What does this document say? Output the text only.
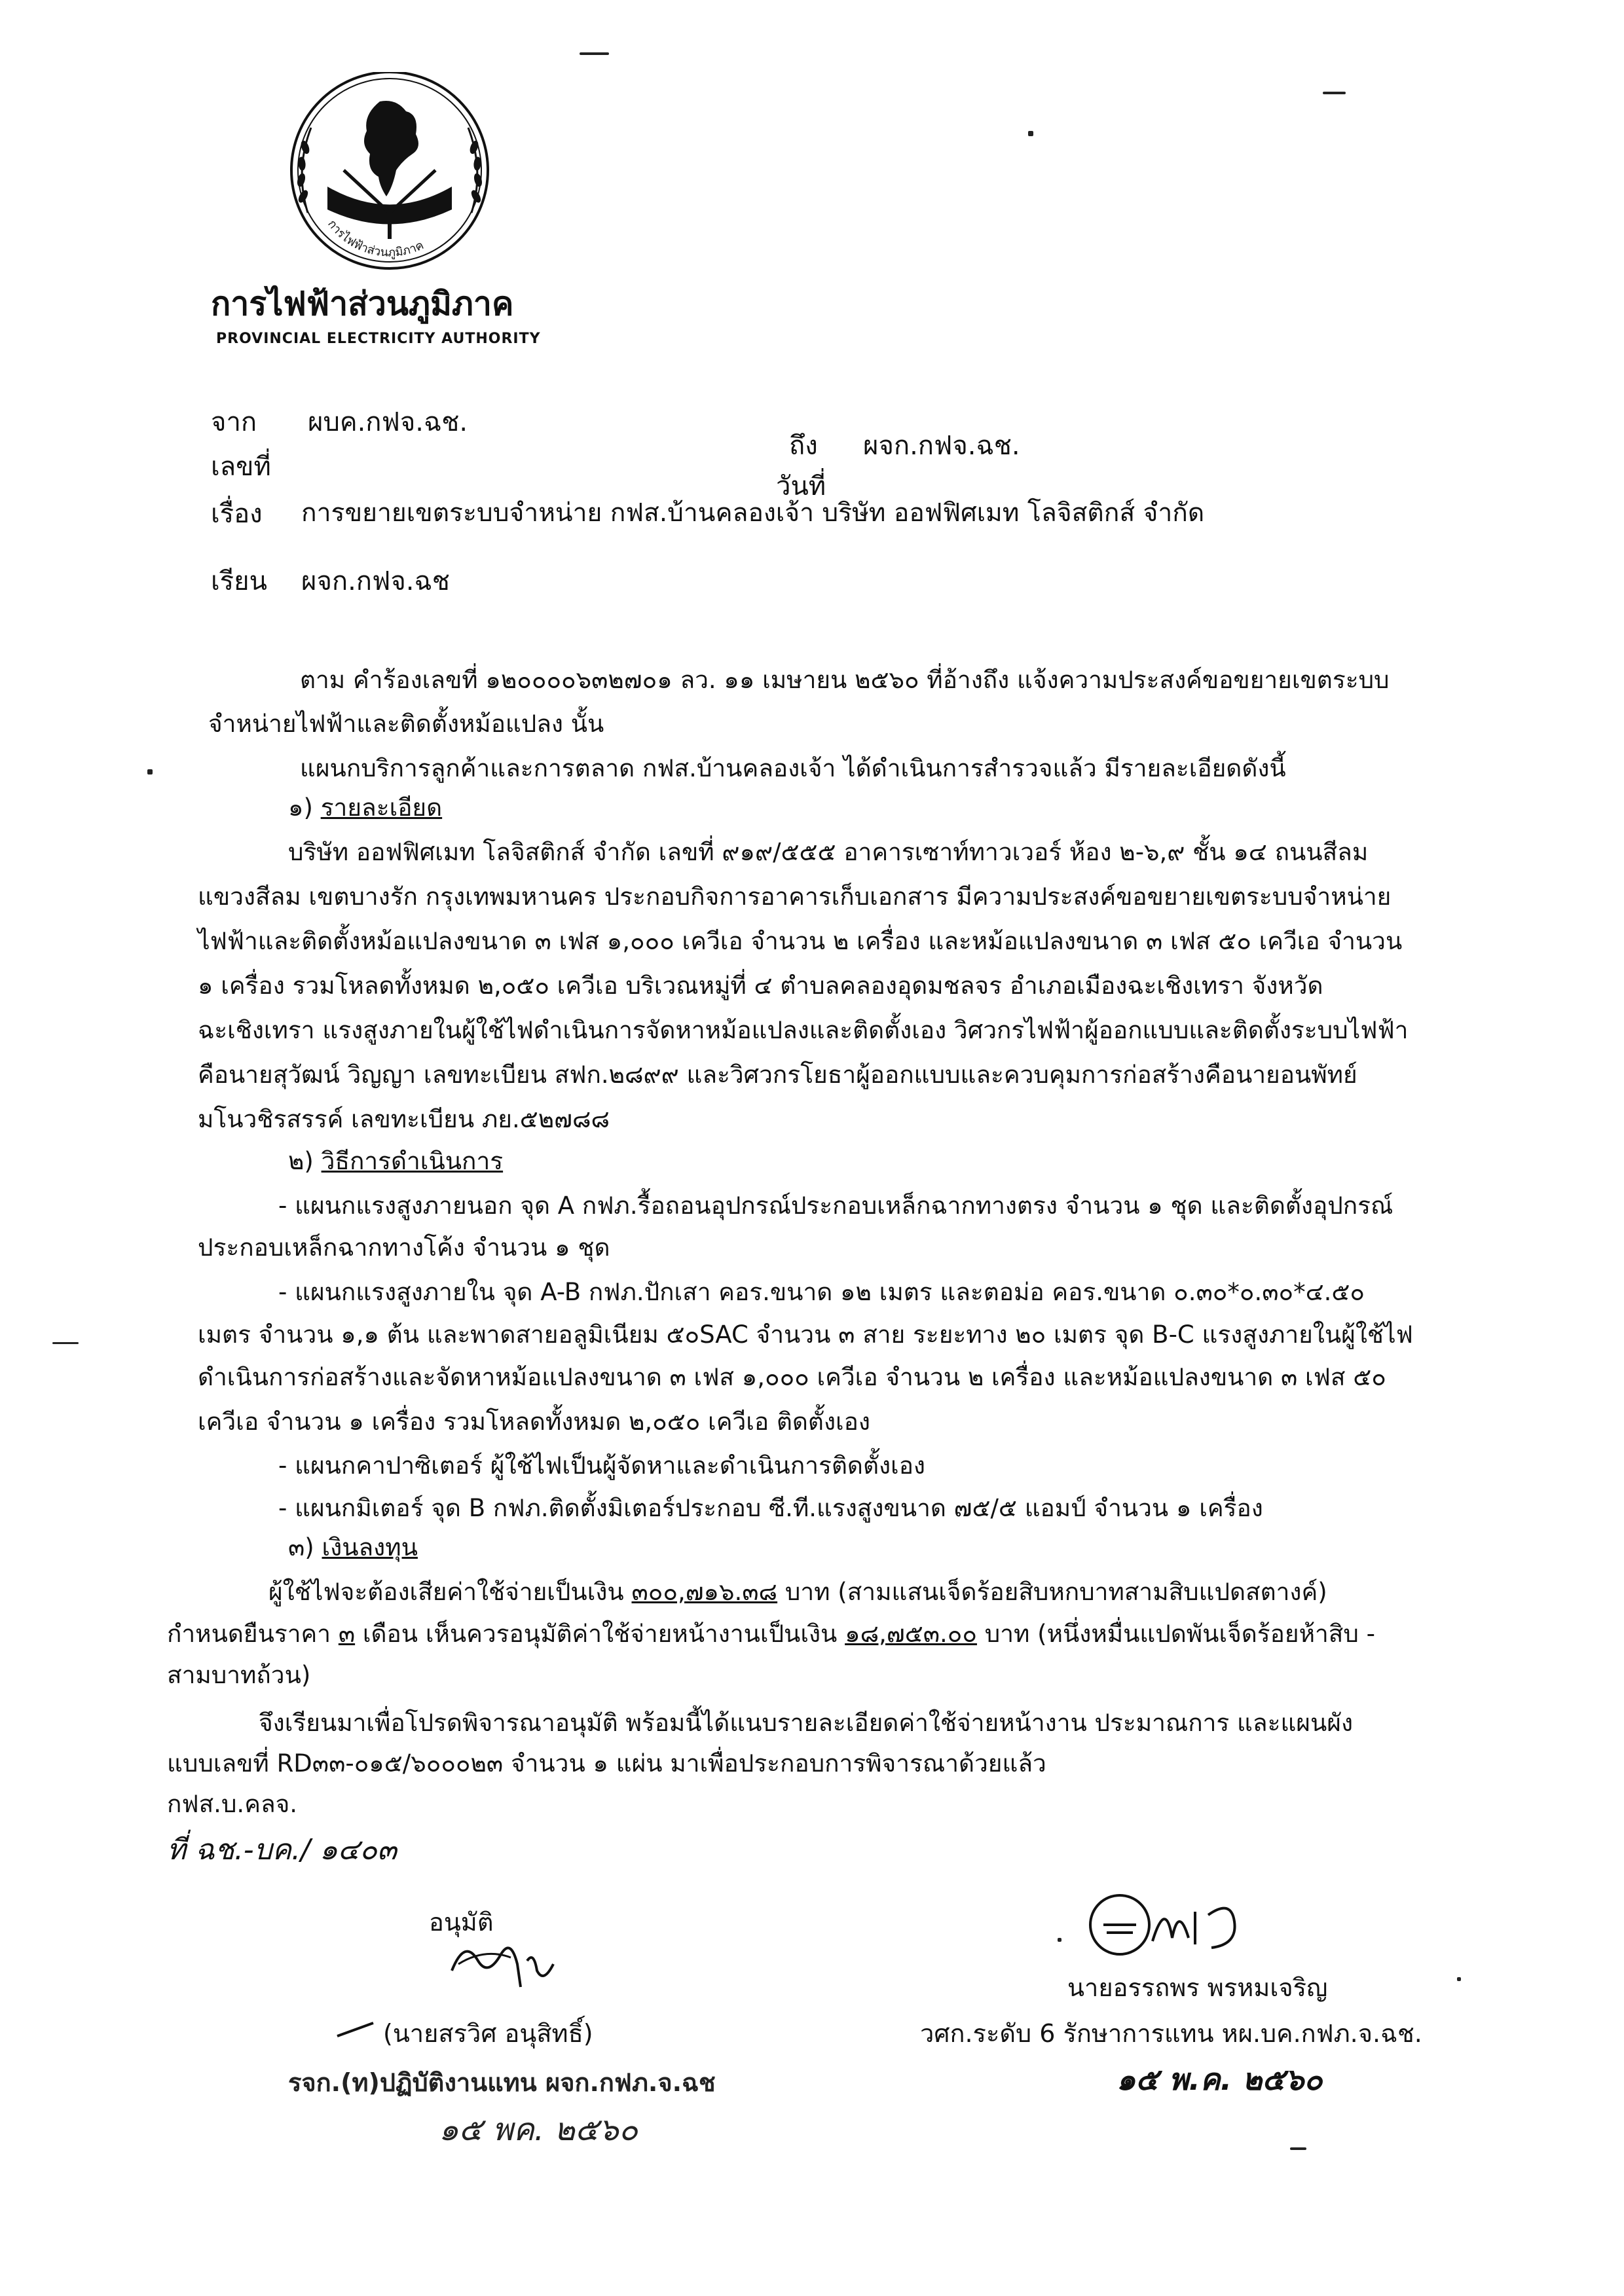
การไฟฟ้าส่วนภูมิภาค
การไฟฟ้าส่วนภูมิภาค
PROVINCIAL ELECTRICITY AUTHORITY
จาก ผบค.กฟจ.ฉช.
ถึง ผจก.กฟจ.ฉช.
เลขที่
วันที่
เรื่อง การขยายเขตระบบจำหน่าย กฟส.บ้านคลองเจ้า บริษัท ออฟฟิศเมท โลจิสติกส์ จำกัด
เรียน ผจก.กฟจ.ฉช
ตาม คำร้องเลขที่ ๑๒๐๐๐๐๖๓๒๗๐๑ ลว. ๑๑ เมษายน ๒๕๖๐ ที่อ้างถึง แจ้งความประสงค์ขอขยายเขตระบบ
จำหน่ายไฟฟ้าและติดตั้งหม้อแปลง นั้น
แผนกบริการลูกค้าและการตลาด กฟส.บ้านคลองเจ้า ได้ดำเนินการสำรวจแล้ว มีรายละเอียดดังนี้
๑) รายละเอียด
บริษัท ออฟฟิศเมท โลจิสติกส์ จำกัด เลขที่ ๙๑๙/๕๕๕ อาคารเซาท์ทาวเวอร์ ห้อง ๒-๖,๙ ชั้น ๑๔ ถนนสีลม
แขวงสีลม เขตบางรัก กรุงเทพมหานคร ประกอบกิจการอาคารเก็บเอกสาร มีความประสงค์ขอขยายเขตระบบจำหน่าย
ไฟฟ้าและติดตั้งหม้อแปลงขนาด ๓ เฟส ๑,๐๐๐ เควีเอ จำนวน ๒ เครื่อง และหม้อแปลงขนาด ๓ เฟส ๕๐ เควีเอ จำนวน
๑ เครื่อง รวมโหลดทั้งหมด ๒,๐๕๐ เควีเอ บริเวณหมู่ที่ ๔ ตำบลคลองอุดมชลจร อำเภอเมืองฉะเชิงเทรา จังหวัด
ฉะเชิงเทรา แรงสูงภายในผู้ใช้ไฟดำเนินการจัดหาหม้อแปลงและติดตั้งเอง วิศวกรไฟฟ้าผู้ออกแบบและติดตั้งระบบไฟฟ้า
คือนายสุวัฒน์ วิญญา เลขทะเบียน สฟก.๒๘๙๙ และวิศวกรโยธาผู้ออกแบบและควบคุมการก่อสร้างคือนายอนพัทย์
มโนวชิรสรรค์ เลขทะเบียน ภย.๕๒๗๘๘
๒) วิธีการดำเนินการ
- แผนกแรงสูงภายนอก จุด A กฟภ.รื้อถอนอุปกรณ์ประกอบเหล็กฉากทางตรง จำนวน ๑ ชุด และติดตั้งอุปกรณ์
ประกอบเหล็กฉากทางโค้ง จำนวน ๑ ชุด
- แผนกแรงสูงภายใน จุด A-B กฟภ.ปักเสา คอร.ขนาด ๑๒ เมตร และตอม่อ คอร.ขนาด ๐.๓๐*๐.๓๐*๔.๕๐
เมตร จำนวน ๑,๑ ต้น และพาดสายอลูมิเนียม ๕๐SAC จำนวน ๓ สาย ระยะทาง ๒๐ เมตร จุด B-C แรงสูงภายในผู้ใช้ไฟ
ดำเนินการก่อสร้างและจัดหาหม้อแปลงขนาด ๓ เฟส ๑,๐๐๐ เควีเอ จำนวน ๒ เครื่อง และหม้อแปลงขนาด ๓ เฟส ๕๐
เควีเอ จำนวน ๑ เครื่อง รวมโหลดทั้งหมด ๒,๐๕๐ เควีเอ ติดตั้งเอง
- แผนกคาปาซิเตอร์ ผู้ใช้ไฟเป็นผู้จัดหาและดำเนินการติดตั้งเอง
- แผนกมิเตอร์ จุด B กฟภ.ติดตั้งมิเตอร์ประกอบ ซี.ที.แรงสูงขนาด ๗๕/๕ แอมป์ จำนวน ๑ เครื่อง
๓) เงินลงทุน
ผู้ใช้ไฟจะต้องเสียค่าใช้จ่ายเป็นเงิน ๓๐๐,๗๑๖.๓๘ บาท (สามแสนเจ็ดร้อยสิบหกบาทสามสิบแปดสตางค์)
กำหนดยืนราคา ๓ เดือน เห็นควรอนุมัติค่าใช้จ่ายหน้างานเป็นเงิน ๑๘,๗๕๓.๐๐ บาท (หนึ่งหมื่นแปดพันเจ็ดร้อยห้าสิบ -
สามบาทถ้วน)
จึงเรียนมาเพื่อโปรดพิจารณาอนุมัติ พร้อมนี้ได้แนบรายละเอียดค่าใช้จ่ายหน้างาน ประมาณการ และแผนผัง
แบบเลขที่ RD๓๓-๐๑๕/๖๐๐๐๒๓ จำนวน ๑ แผ่น มาเพื่อประกอบการพิจารณาด้วยแล้ว
กฟส.บ.คลจ.
ที่ ฉช.-บค./ ๑๔๐๓
อนุมัติ
(นายสรวิศ อนุสิทธิ์)
รจก.(ท)ปฏิบัติงานแทน ผจก.กฟภ.จ.ฉช
๑๕ พค. ๒๕๖๐
นายอรรถพร พรหมเจริญ
วศก.ระดับ 6 รักษาการแทน หผ.บค.กฟภ.จ.ฉช.
๑๕ พ.ค. ๒๕๖๐
